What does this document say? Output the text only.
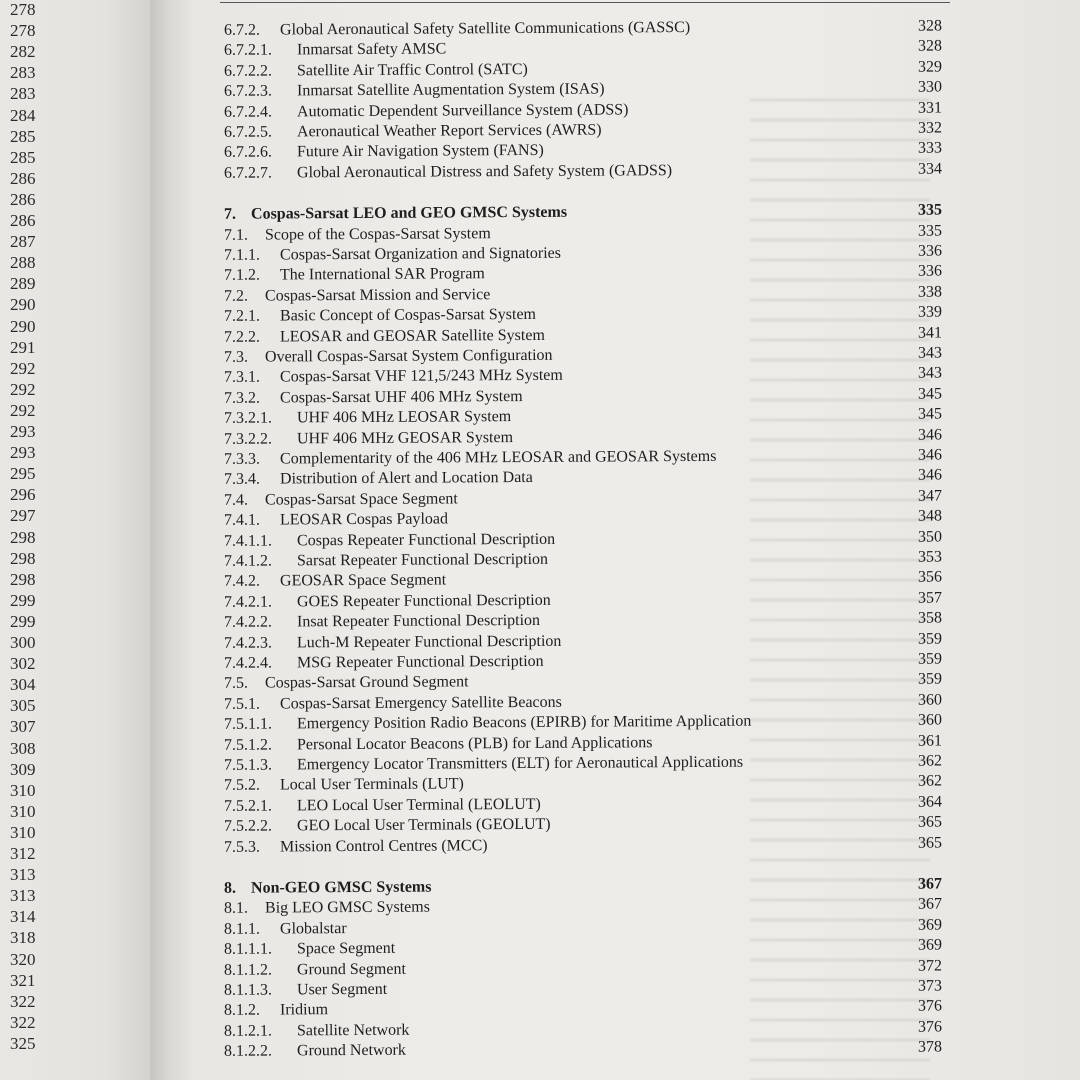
278
278
282
283
283
284
285
285
286
286
286
287
288
289
290
290
291
292
292
292
293
293
295
296
297
298
298
298
299
299
300
302
304
305
307
308
309
310
310
310
312
313
313
314
318
320
321
322
322
325
6.7.2. Global Aeronautical Safety Satellite Communications (GASSC)	328
6.7.2.1. Inmarsat Safety AMSC	328
6.7.2.2. Satellite Air Traffic Control (SATC)	329
6.7.2.3. Inmarsat Satellite Augmentation System (ISAS)	330
6.7.2.4. Automatic Dependent Surveillance System (ADSS)	331
6.7.2.5. Aeronautical Weather Report Services (AWRS)	332
6.7.2.6. Future Air Navigation System (FANS)	333
6.7.2.7. Global Aeronautical Distress and Safety System (GADSS)	334
7. Cospas-Sarsat LEO and GEO GMSC Systems	335
7.1. Scope of the Cospas-Sarsat System	335
7.1.1. Cospas-Sarsat Organization and Signatories	336
7.1.2. The International SAR Program	336
7.2. Cospas-Sarsat Mission and Service	338
7.2.1. Basic Concept of Cospas-Sarsat System	339
7.2.2. LEOSAR and GEOSAR Satellite System	341
7.3. Overall Cospas-Sarsat System Configuration	343
7.3.1. Cospas-Sarsat VHF 121,5/243 MHz System	343
7.3.2. Cospas-Sarsat UHF 406 MHz System	345
7.3.2.1. UHF 406 MHz LEOSAR System	345
7.3.2.2. UHF 406 MHz GEOSAR System	346
7.3.3. Complementarity of the 406 MHz LEOSAR and GEOSAR Systems	346
7.3.4. Distribution of Alert and Location Data	346
7.4. Cospas-Sarsat Space Segment	347
7.4.1. LEOSAR Cospas Payload	348
7.4.1.1. Cospas Repeater Functional Description	350
7.4.1.2. Sarsat Repeater Functional Description	353
7.4.2. GEOSAR Space Segment	356
7.4.2.1. GOES Repeater Functional Description	357
7.4.2.2. Insat Repeater Functional Description	358
7.4.2.3. Luch-M Repeater Functional Description	359
7.4.2.4. MSG Repeater Functional Description	359
7.5. Cospas-Sarsat Ground Segment	359
7.5.1. Cospas-Sarsat Emergency Satellite Beacons	360
7.5.1.1. Emergency Position Radio Beacons (EPIRB) for Maritime Application	360
7.5.1.2. Personal Locator Beacons (PLB) for Land Applications	361
7.5.1.3. Emergency Locator Transmitters (ELT) for Aeronautical Applications	362
7.5.2. Local User Terminals (LUT)	362
7.5.2.1. LEO Local User Terminal (LEOLUT)	364
7.5.2.2. GEO Local User Terminals (GEOLUT)	365
7.5.3. Mission Control Centres (MCC)	365
8. Non-GEO GMSC Systems	367
8.1. Big LEO GMSC Systems	367
8.1.1. Globalstar	369
8.1.1.1. Space Segment	369
8.1.1.2. Ground Segment	372
8.1.1.3. User Segment	373
8.1.2. Iridium	376
8.1.2.1. Satellite Network	376
8.1.2.2. Ground Network	378
